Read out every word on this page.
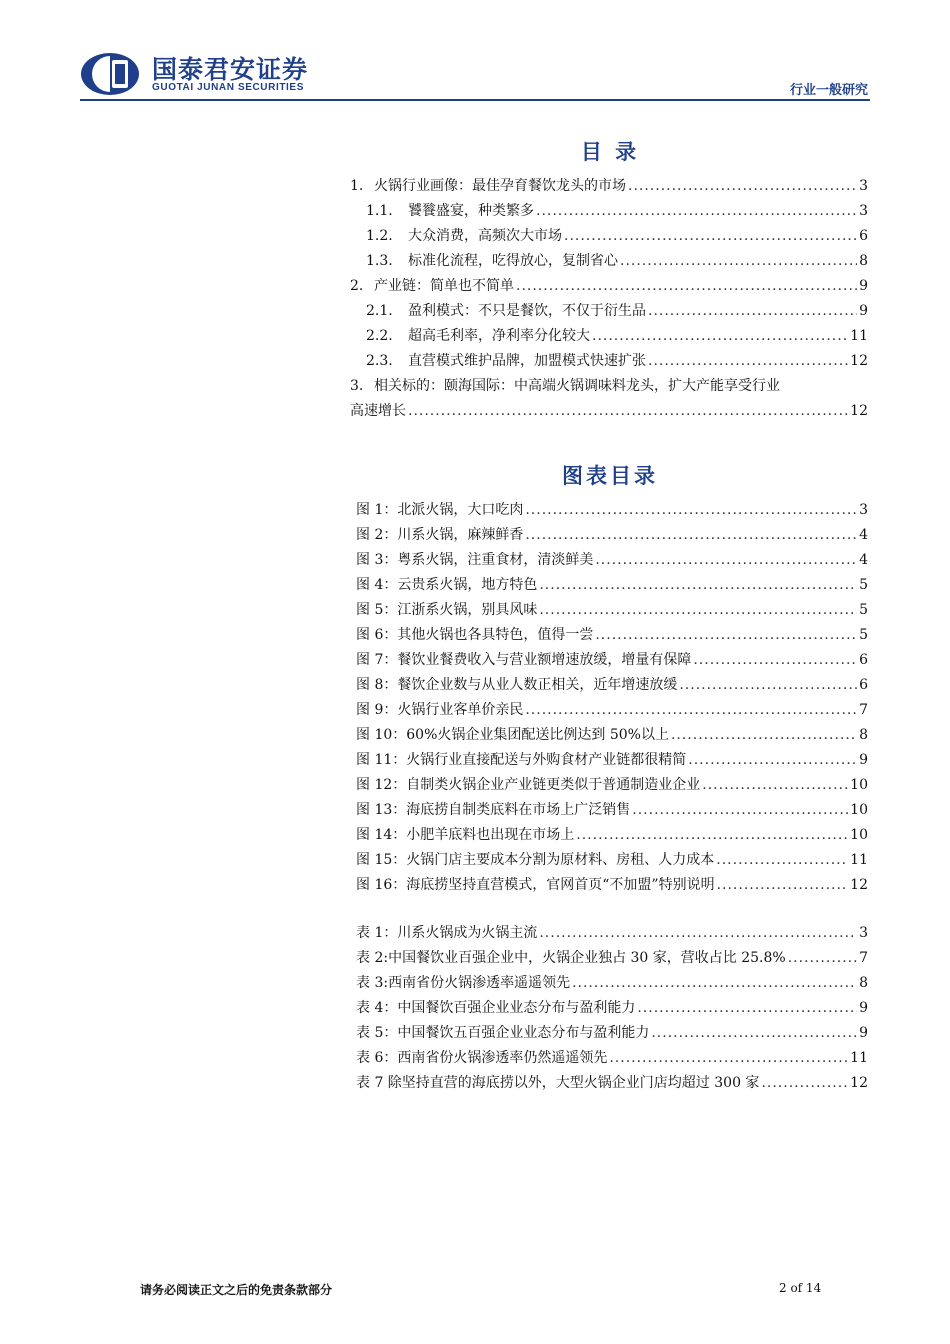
国泰君安证券
GUOTAI JUNAN SECURITIES	行业一般研究
目 录
1. 火锅行业画像：最佳孕育餐饮龙头的市场 .....	3
1.1. 饕餮盛宴，种类繁多 .....	3
1.2. 大众消费，高频次大市场 .....	6
1.3. 标准化流程，吃得放心，复制省心 .....	8
2. 产业链：简单也不简单 .....	9
2.1. 盈利模式：不只是餐饮，不仅于衍生品 .....	9
2.2. 超高毛利率，净利率分化较大 .....	11
2.3. 直营模式维护品牌，加盟模式快速扩张 .....	12
3. 相关标的：颐海国际：中高端火锅调味料龙头，扩大产能享受行业
高速增长 .....	12
图表目录
图 1：北派火锅，大口吃肉 .....	3
图 2：川系火锅，麻辣鲜香 .....	4
图 3：粤系火锅，注重食材，清淡鲜美 .....	4
图 4：云贵系火锅，地方特色 .....	5
图 5：江浙系火锅，别具风味 .....	5
图 6：其他火锅也各具特色，值得一尝 .....	5
图 7：餐饮业餐费收入与营业额增速放缓，增量有保障 .....	6
图 8：餐饮企业数与从业人数正相关，近年增速放缓 .....	6
图 9：火锅行业客单价亲民 .....	7
图 10：60%火锅企业集团配送比例达到 50%以上 .....	8
图 11：火锅行业直接配送与外购食材产业链都很精简 .....	9
图 12：自制类火锅企业产业链更类似于普通制造业企业 .....	10
图 13：海底捞自制类底料在市场上广泛销售 .....	10
图 14：小肥羊底料也出现在市场上 .....	10
图 15：火锅门店主要成本分割为原材料、房租、人力成本 .....	11
图 16：海底捞坚持直营模式，官网首页“不加盟”特别说明 .....	12
表 1：川系火锅成为火锅主流 .....	3
表 2:中国餐饮业百强企业中，火锅企业独占 30 家，营收占比 25.8% .....	7
表 3:西南省份火锅渗透率遥遥领先 .....	8
表 4：中国餐饮百强企业业态分布与盈利能力 .....	9
表 5：中国餐饮五百强企业业态分布与盈利能力 .....	9
表 6：西南省份火锅渗透率仍然遥遥领先 .....	11
表 7 除坚持直营的海底捞以外，大型火锅企业门店均超过 300 家 .....	12
请务必阅读正文之后的免责条款部分	2 of 14
